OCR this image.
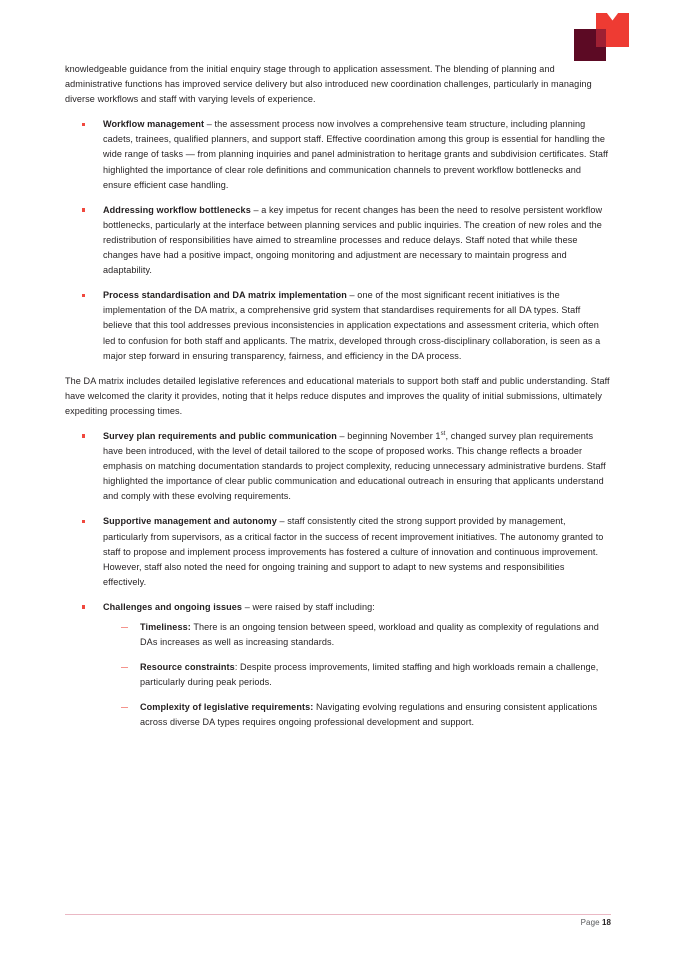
knowledgeable guidance from the initial enquiry stage through to application assessment. The blending of planning and administrative functions has improved service delivery but also introduced new coordination challenges, particularly in managing diverse workflows and staff with varying levels of experience.

Workflow management – the assessment process now involves a comprehensive team structure, including planning cadets, trainees, qualified planners, and support staff. Effective coordination among this group is essential for handling the wide range of tasks — from planning inquiries and panel administration to heritage grants and subdivision certificates. Staff highlighted the importance of clear role definitions and communication channels to prevent workflow bottlenecks and ensure efficient case handling.
Addressing workflow bottlenecks – a key impetus for recent changes has been the need to resolve persistent workflow bottlenecks, particularly at the interface between planning services and public inquiries. The creation of new roles and the redistribution of responsibilities have aimed to streamline processes and reduce delays. Staff noted that while these changes have had a positive impact, ongoing monitoring and adjustment are necessary to maintain progress and adaptability.
Process standardisation and DA matrix implementation – one of the most significant recent initiatives is the implementation of the DA matrix, a comprehensive grid system that standardises requirements for all DA types. Staff believe that this tool addresses previous inconsistencies in application expectations and assessment criteria, which often led to confusion for both staff and applicants. The matrix, developed through cross-disciplinary collaboration, is seen as a major step forward in ensuring transparency, fairness, and efficiency in the DA process.

The DA matrix includes detailed legislative references and educational materials to support both staff and public understanding. Staff have welcomed the clarity it provides, noting that it helps reduce disputes and improves the quality of initial submissions, ultimately expediting processing times.

Survey plan requirements and public communication – beginning November 1st, changed survey plan requirements have been introduced, with the level of detail tailored to the scope of proposed works. This change reflects a broader emphasis on matching documentation standards to project complexity, reducing unnecessary administrative burdens. Staff highlighted the importance of clear public communication and educational outreach in ensuring that applicants understand and comply with these evolving requirements.
Supportive management and autonomy – staff consistently cited the strong support provided by management, particularly from supervisors, as a critical factor in the success of recent improvement initiatives. The autonomy granted to staff to propose and implement process improvements has fostered a culture of innovation and continuous improvement. However, staff also noted the need for ongoing training and support to adapt to new systems and responsibilities effectively.
Challenges and ongoing issues – were raised by staff including:
Timeliness: There is an ongoing tension between speed, workload and quality as complexity of regulations and DAs increases as well as increasing standards.
Resource constraints: Despite process improvements, limited staffing and high workloads remain a challenge, particularly during peak periods.
Complexity of legislative requirements: Navigating evolving regulations and ensuring consistent applications across diverse DA types requires ongoing professional development and support.
Page 18
